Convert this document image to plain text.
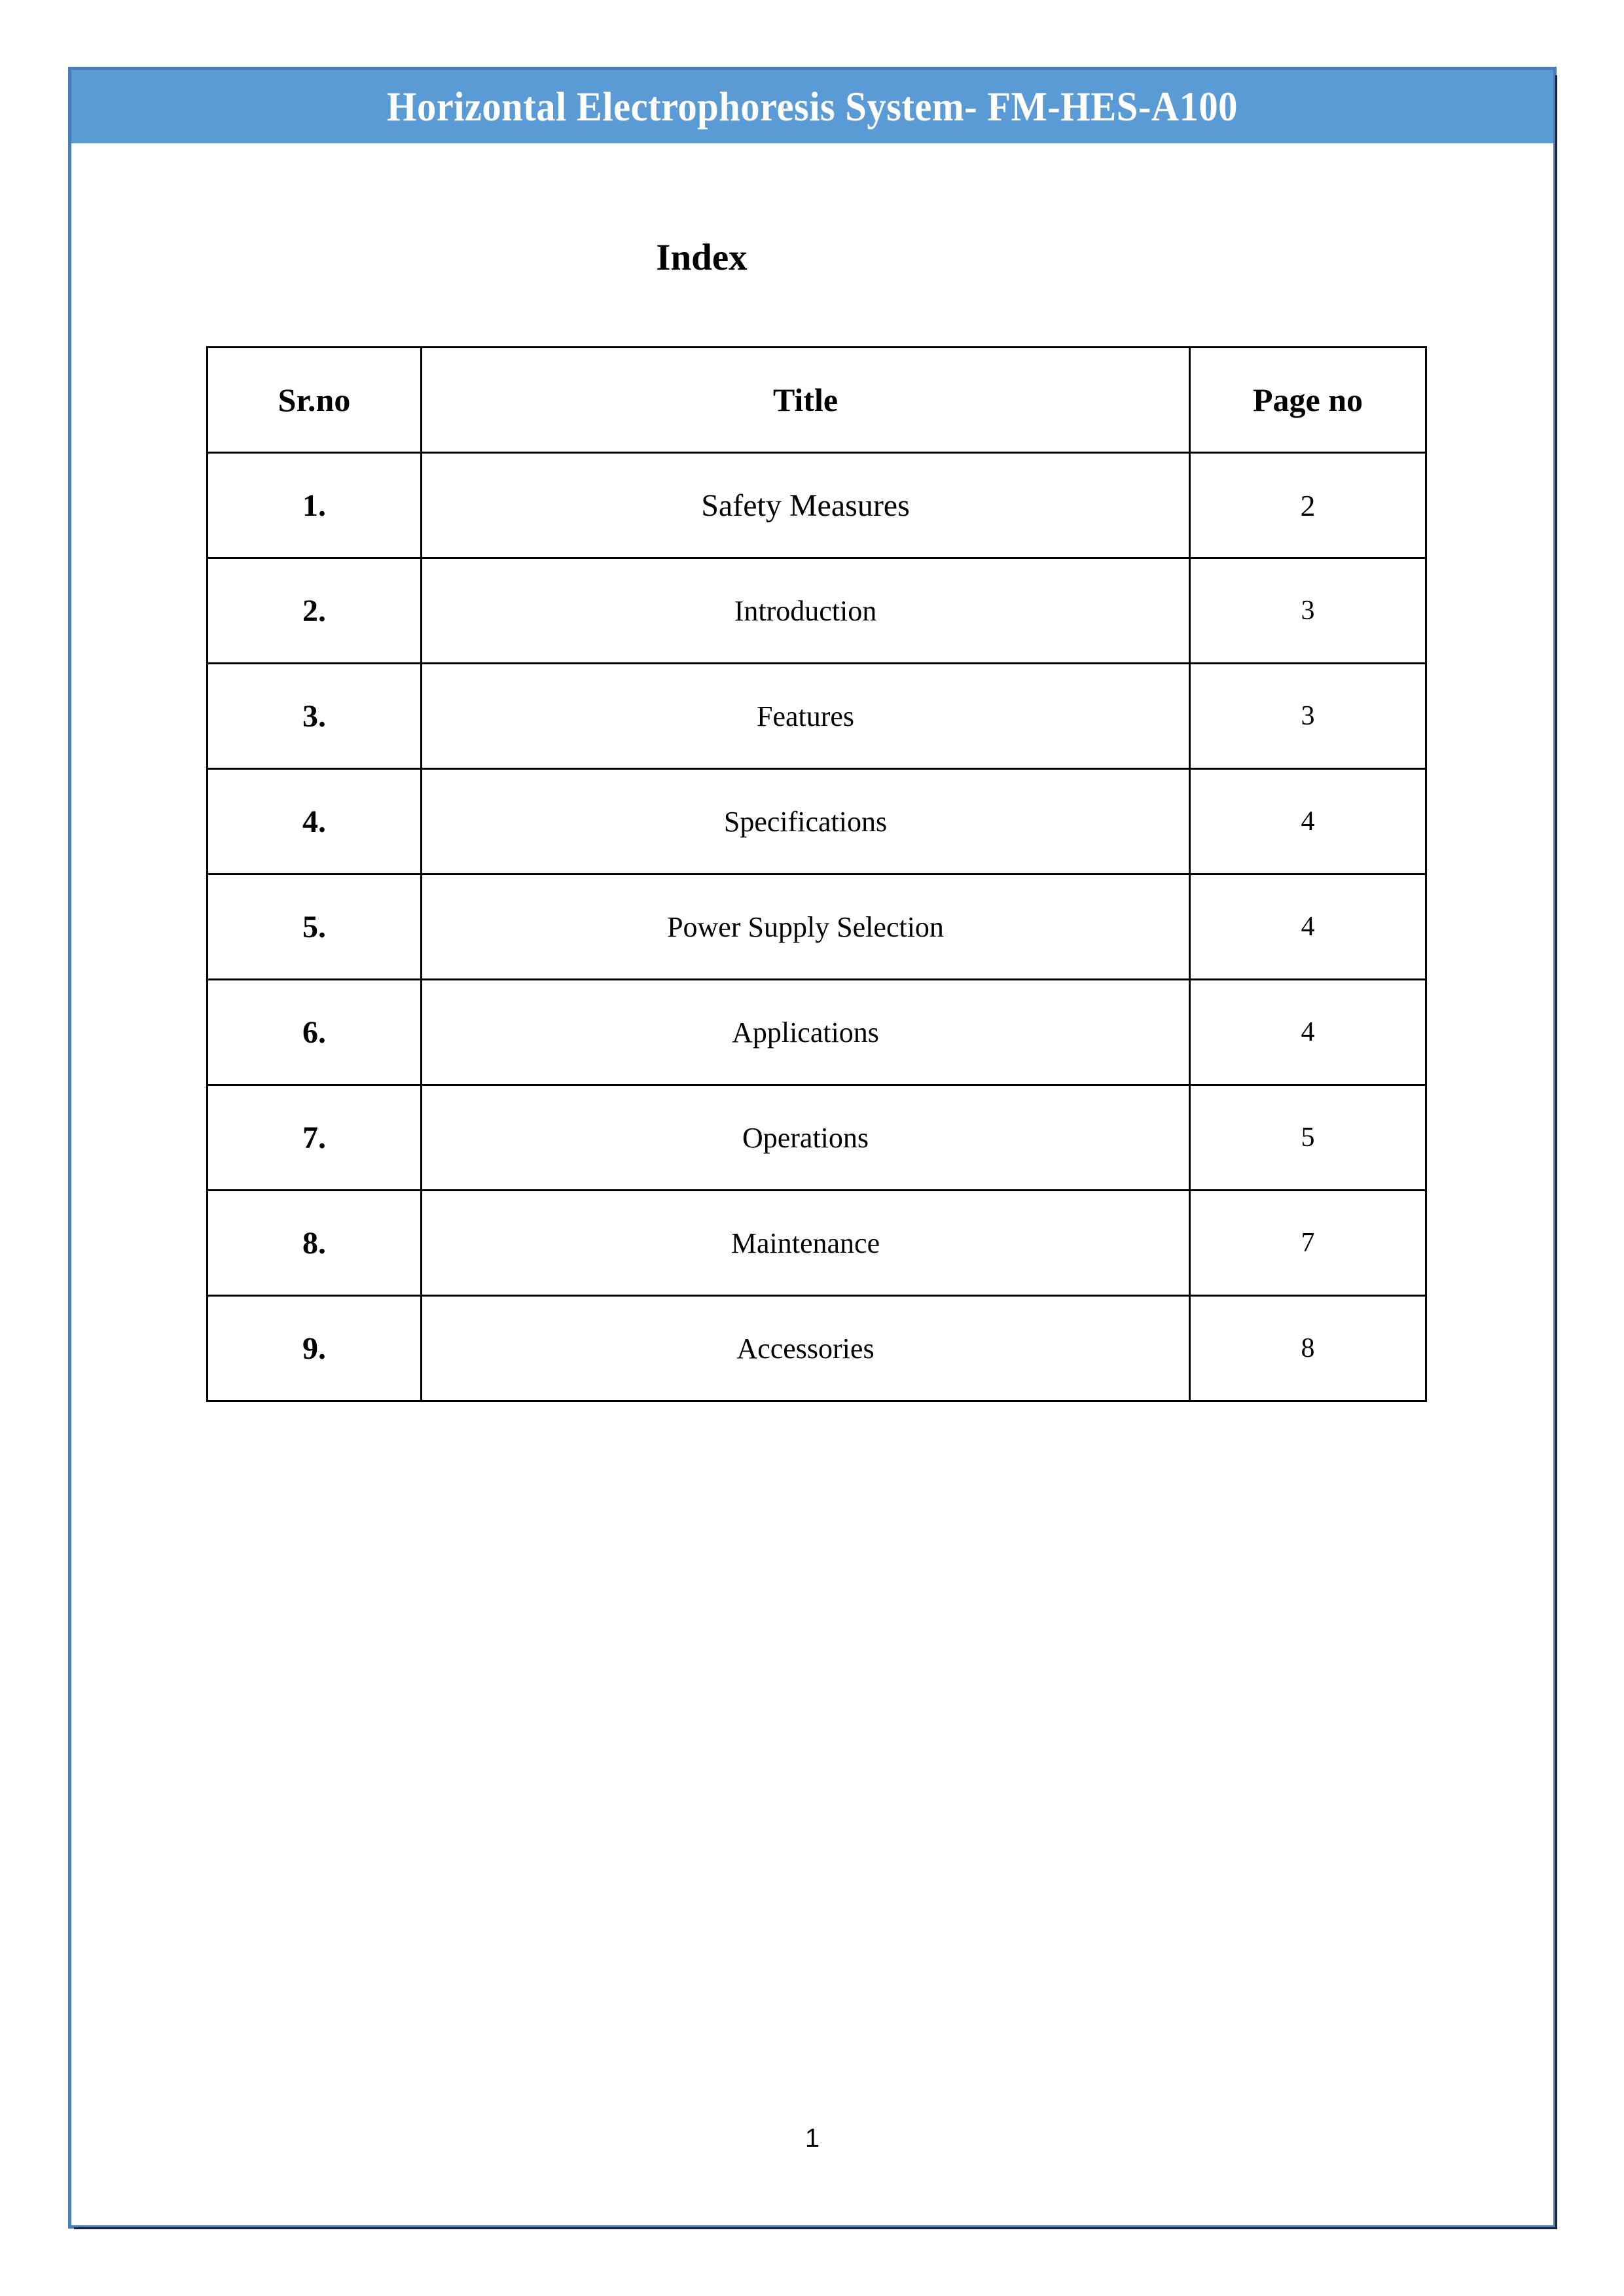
Horizontal Electrophoresis System- FM-HES-A100
Index
Sr.no	Title	Page no
1.	Safety Measures	2
2.	Introduction	3
3.	Features	3
4.	Specifications	4
5.	Power Supply Selection	4
6.	Applications	4
7.	Operations	5
8.	Maintenance	7
9.	Accessories	8
1
